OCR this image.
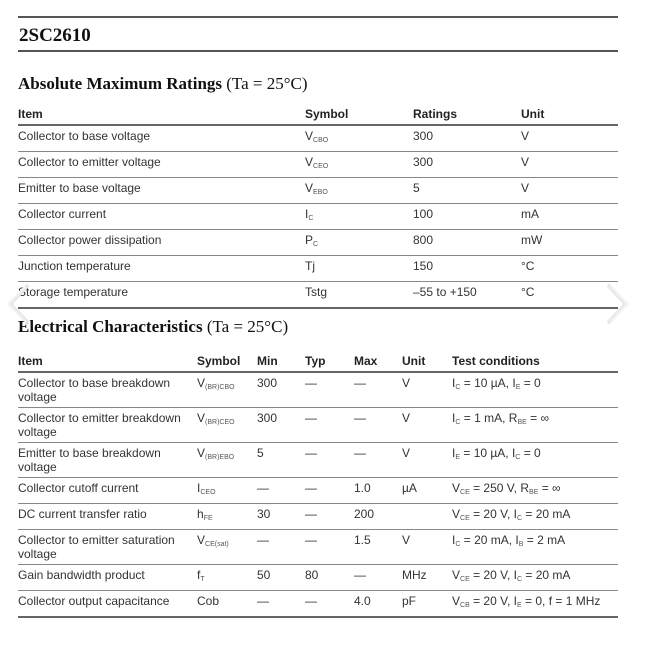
2SC2610
Absolute Maximum Ratings (Ta = 25°C)
Item	Symbol	Ratings	Unit
Collector to base voltage	$V_{CBO}$	300	V
Collector to emitter voltage	$V_{CEO}$	300	V
Emitter to base voltage	$V_{EBO}$	5	V
Collector current	$I_C$	100	mA
Collector power dissipation	$P_C$	800	mW
Junction temperature	Tj	150	°C
Storage temperature	Tstg	–55 to +150	°C
Electrical Characteristics (Ta = 25°C)
Item	Symbol	Min	Typ	Max	Unit	Test conditions
Collector to base breakdown voltage	$V_{(BR)CBO}$	300	—	—	V	$I_C = 10$ µA, $I_E = 0$
Collector to emitter breakdown voltage	$V_{(BR)CEO}$	300	—	—	V	$I_C = 1$ mA, $R_{BE}$ = ∞
Emitter to base breakdown voltage	$V_{(BR)EBO}$	5	—	—	V	$I_E = 10$ µA, $I_C = 0$
Collector cutoff current	$I_{CEO}$	—	—	1.0	µA	$V_{CE} = 250$ V, $R_{BE}$ = ∞
DC current transfer ratio	$h_{FE}$	30	—	200		$V_{CE} = 20$ V, $I_C = 20$ mA
Collector to emitter saturation voltage	$V_{CE(sat)}$	—	—	1.5	V	$I_C = 20$ mA, $I_B = 2$ mA
Gain bandwidth product	$f_T$	50	80	—	MHz	$V_{CE} = 20$ V, $I_C = 20$ mA
Collector output capacitance	Cob	—	—	4.0	pF	$V_{CB} = 20$ V, $I_E = 0$, f = 1 MHz
